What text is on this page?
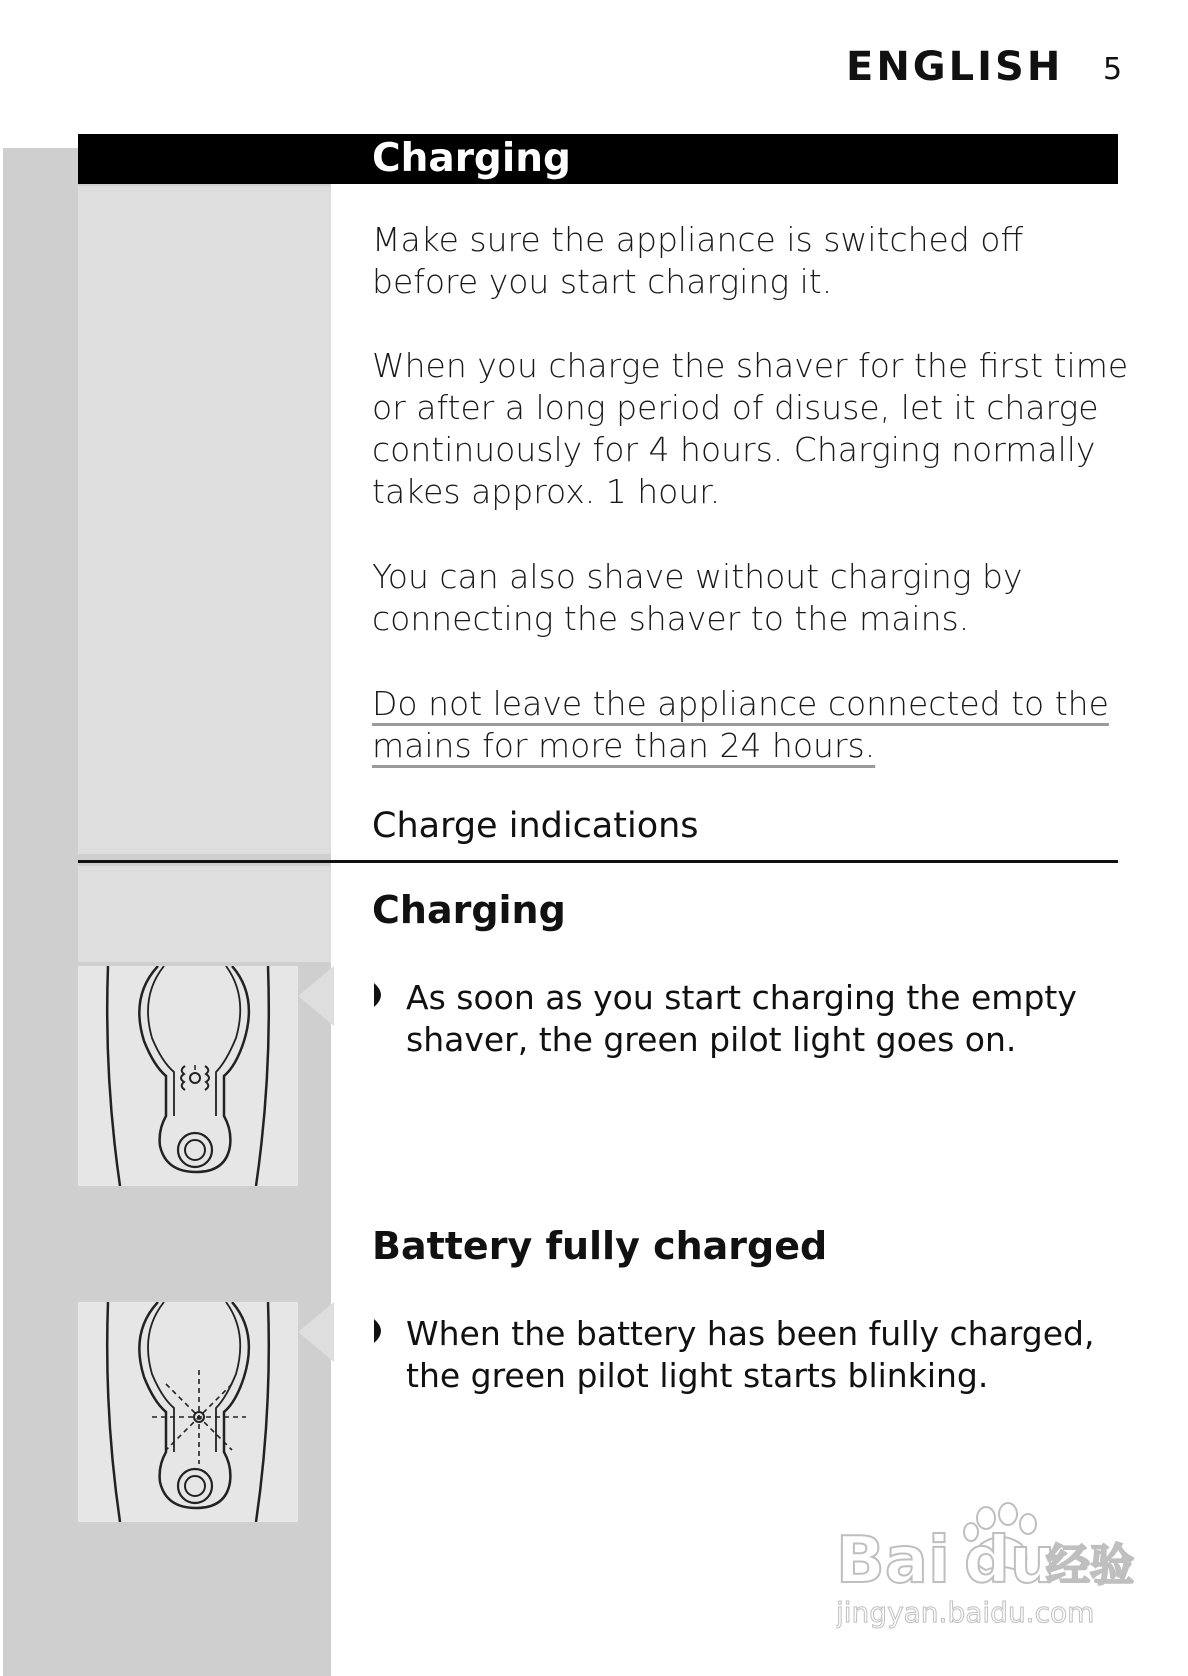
ENGLISH 5
Charging
Make sure the appliance is switched off before you start charging it.
When you charge the shaver for the first time or after a long period of disuse, let it charge continuously for 4 hours. Charging normally takes approx. 1 hour.
You can also shave without charging by connecting the shaver to the mains.
Do not leave the appliance connected to the mains for more than 24 hours.
Charge indications
Charging
As soon as you start charging the empty shaver, the green pilot light goes on.
Battery fully charged
When the battery has been fully charged, the green pilot light starts blinking.
Bai du
经验
jingyan.baidu.com
